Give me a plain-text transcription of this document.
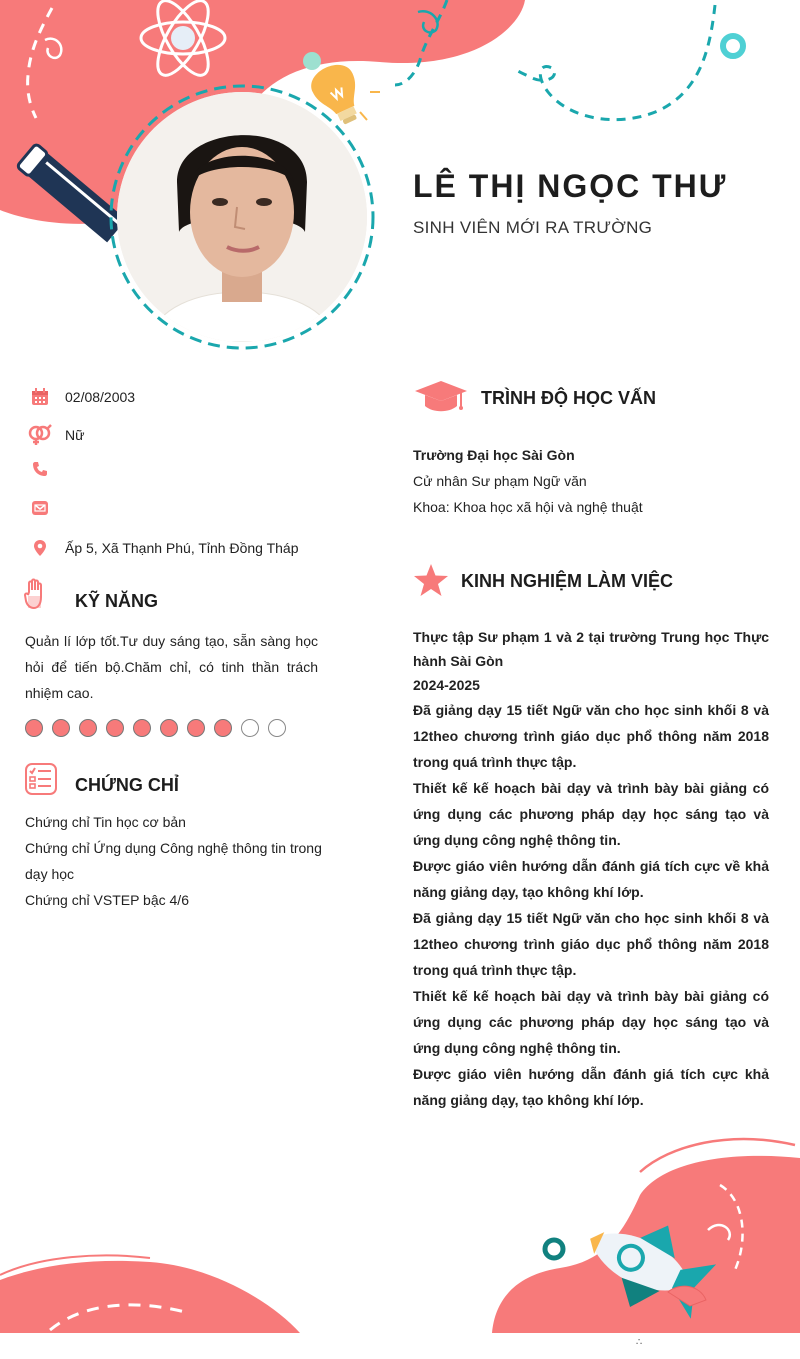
LÊ THỊ NGỌC THƯ
SINH VIÊN MỚI RA TRƯỜNG
02/08/2003
Nữ
Ấp 5, Xã Thạnh Phú, Tỉnh Đồng Tháp
KỸ NĂNG
Quản lí lớp tốt.Tư duy sáng tạo, sẵn sàng học hỏi để tiến bộ.Chăm chỉ, có tinh thần trách nhiệm cao.
CHỨNG CHỈ
Chứng chỉ Tin học cơ bản
Chứng chỉ Ứng dụng Công nghệ thông tin trong dạy học
Chứng chỉ VSTEP bậc 4/6
TRÌNH ĐỘ HỌC VẤN
Trường Đại học Sài Gòn
Cử nhân Sư phạm Ngữ văn
Khoa: Khoa học xã hội và nghệ thuật
KINH NGHIỆM LÀM VIỆC
Thực tập Sư phạm 1 và 2 tại trường Trung học Thực hành Sài Gòn
2024-2025
Đã giảng dạy 15 tiết Ngữ văn cho học sinh khối 8 và 12theo chương trình giáo dục phổ thông năm 2018 trong quá trình thực tập.
Thiết kế kế hoạch bài dạy và trình bày bài giảng có ứng dụng các phương pháp dạy học sáng tạo và ứng dụng công nghệ thông tin.
Được giáo viên hướng dẫn đánh giá tích cực về khả năng giảng dạy, tạo không khí lớp.
Đã giảng dạy 15 tiết Ngữ văn cho học sinh khối 8 và 12theo chương trình giáo dục phổ thông năm 2018 trong quá trình thực tập.
Thiết kế kế hoạch bài dạy và trình bày bài giảng có ứng dụng các phương pháp dạy học sáng tạo và ứng dụng công nghệ thông tin.
Được giáo viên hướng dẫn đánh giá tích cực khả năng giảng dạy, tạo không khí lớp.
∴
